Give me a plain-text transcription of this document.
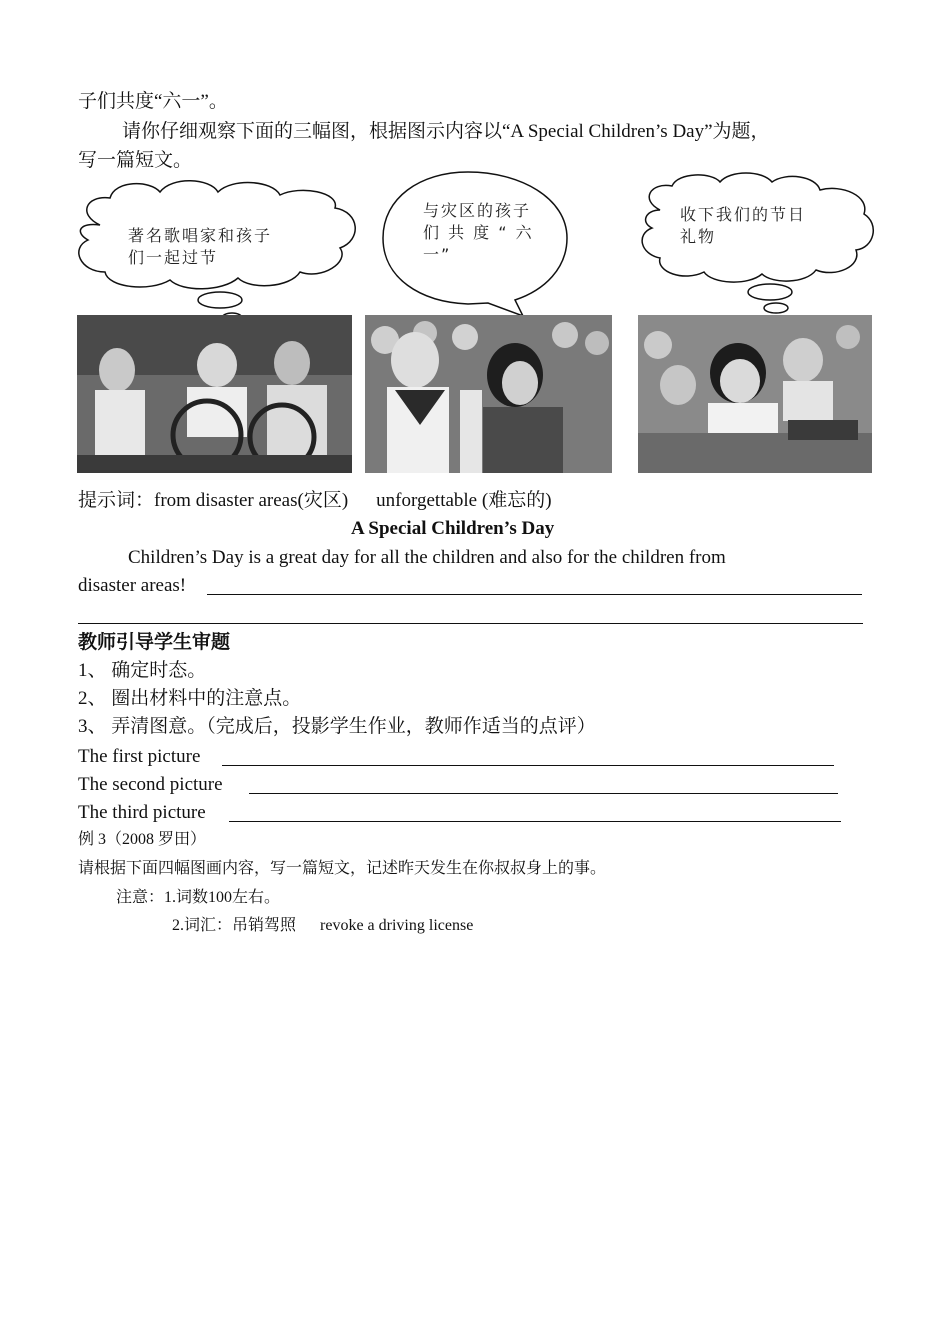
子们共度“六一”。
请你仔细观察下面的三幅图，根据图示内容以“A Special Children’s Day”为题，
写一篇短文。
著名歌唱家和孩子
们一起过节
与灾区的孩子
们 共 度 “ 六
一”
收下我们的节日
礼物
提示词：from disaster areas(灾区) unforgettable (难忘的)
A Special Children’s Day
Children’s Day is a great day for all the children and also for the children from
disaster areas!
教师引导学生审题
1、 确定时态。
2、 圈出材料中的注意点。
3、 弄清图意。（完成后，投影学生作业，教师作适当的点评）
The first picture
The second picture
The third picture
例 3（2008 罗田）
请根据下面四幅图画内容，写一篇短文，记述昨天发生在你叔叔身上的事。
注意：1.词数100左右。
2.词汇：吊销驾照 revoke a driving license
